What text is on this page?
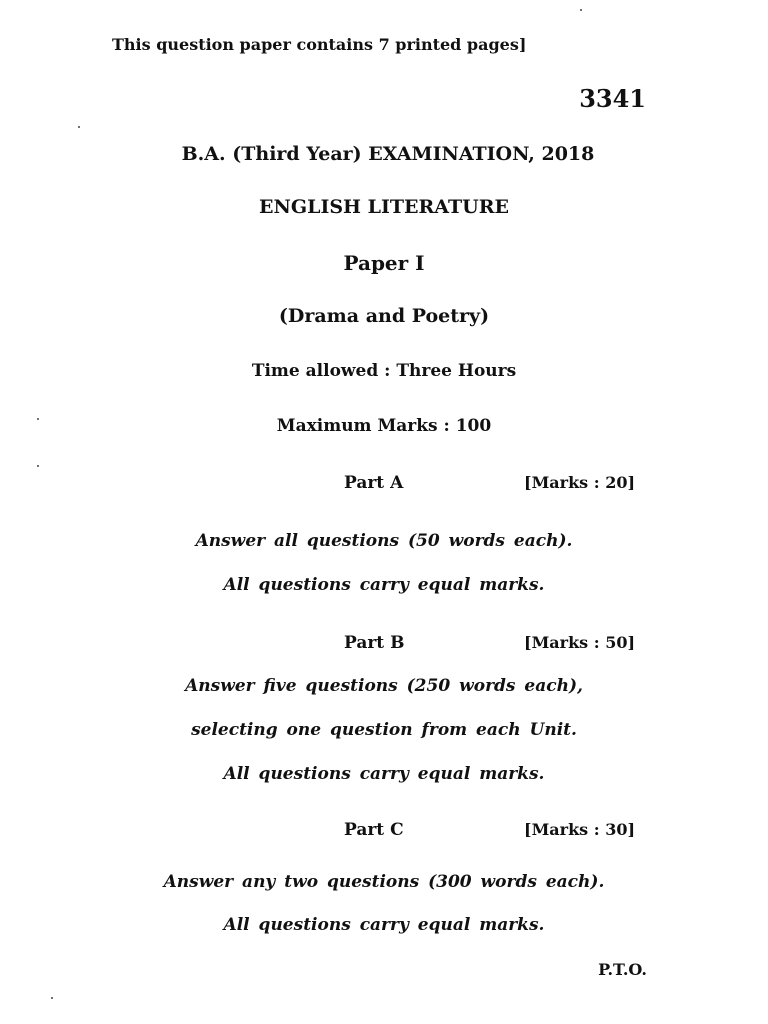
This question paper contains 7 printed pages]
3341
B.A. (Third Year) EXAMINATION, 2018
ENGLISH LITERATURE
Paper I
(Drama and Poetry)
Time allowed : Three Hours
Maximum Marks : 100
Part A	[Marks : 20]
Answer all questions (50 words each).
All questions carry equal marks.
Part B	[Marks : 50]
Answer five questions (250 words each),
selecting one question from each Unit.
All questions carry equal marks.
Part C	[Marks : 30]
Answer any two questions (300 words each).
All questions carry equal marks.
P.T.O.
